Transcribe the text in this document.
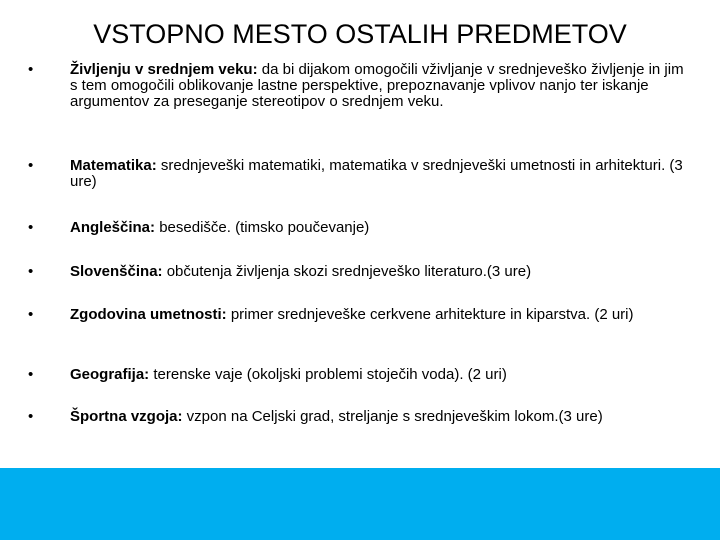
VSTOPNO MESTO OSTALIH PREDMETOV
• Življenju v srednjem veku: da bi dijakom omogočili vživljanje v srednjeveško življenje in jim s tem omogočili oblikovanje lastne perspektive, prepoznavanje vplivov nanjo ter iskanje argumentov za preseganje stereotipov o srednjem veku.
• Matematika: srednjeveški matematiki, matematika v srednjeveški umetnosti in arhitekturi. (3 ure)
• Angleščina: besedišče. (timsko poučevanje)
• Slovenščina: občutenja življenja skozi srednjeveško literaturo.(3 ure)
• Zgodovina umetnosti: primer srednjeveške cerkvene arhitekture in kiparstva. (2 uri)
• Geografija: terenske vaje (okoljski problemi stoječih voda). (2 uri)
• Športna vzgoja: vzpon na Celjski grad, streljanje s srednjeveškim lokom.(3 ure)
